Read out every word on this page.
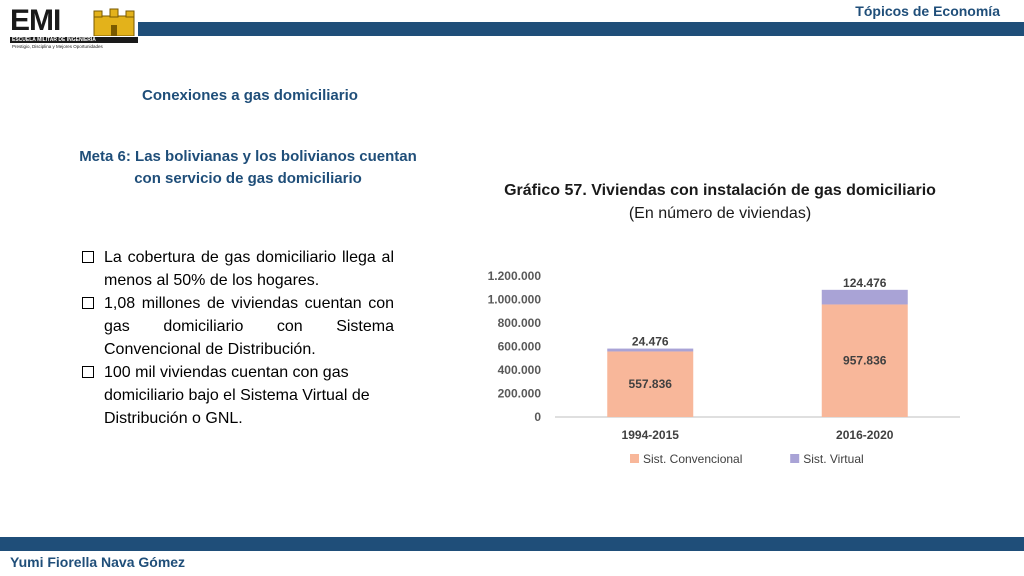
EMI
ESCUELA MILITAR DE INGENIERIA
Prestigio, Disciplina y Mejores Oportunidades
Tópicos de Economía
Conexiones a gas domiciliario
Meta 6: Las bolivianas y los bolivianos cuentan
con servicio de gas domiciliario
La cobertura de gas domiciliario llega al menos al 50% de los hogares.
1,08 millones de viviendas cuentan con gas domiciliario con Sistema Convencional de Distribución.
100 mil viviendas cuentan con gas domiciliario bajo el Sistema Virtual de Distribución o GNL.
Gráfico 57. Viviendas con instalación de gas domiciliario
(En número de viviendas)
0
200.000
400.000
600.000
800.000
1.000.000
1.200.000
557.836
24.476
1994-2015
957.836
124.476
2016-2020
Sist. Convencional	Sist. Virtual
Yumi Fiorella Nava Gómez
